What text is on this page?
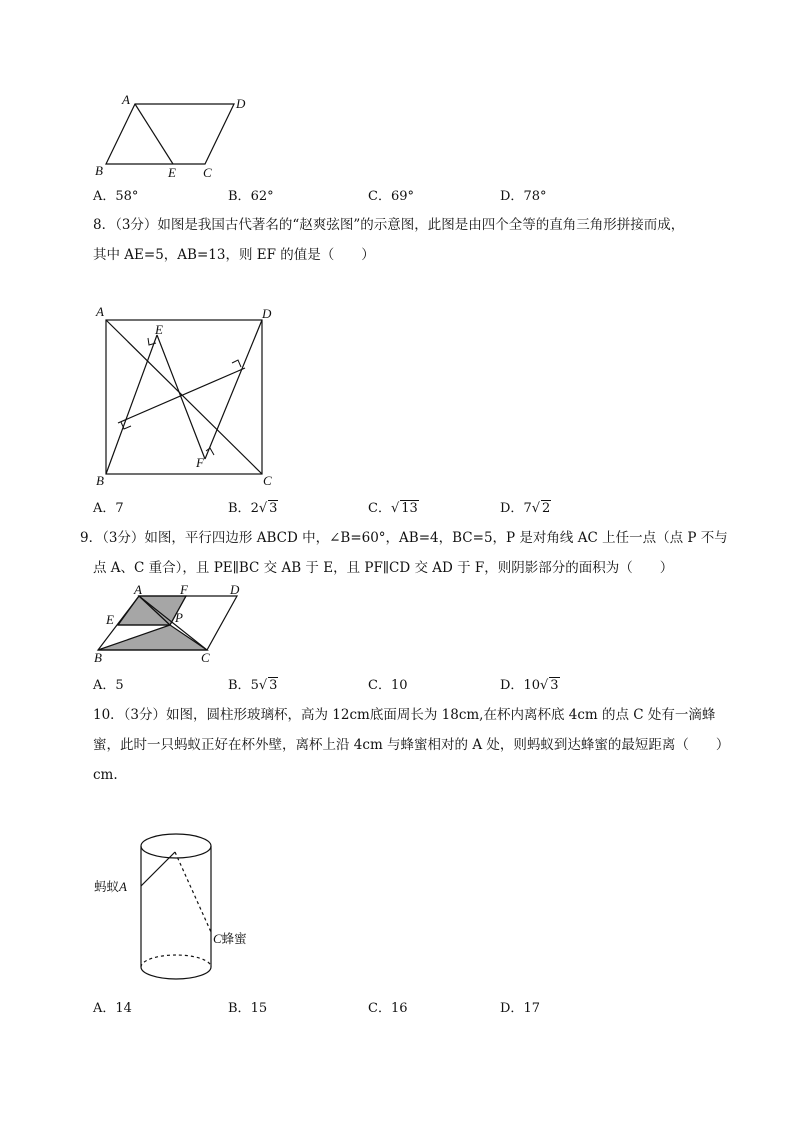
A	D
B	E C
A．58°	B．62°	C．69°	D．78°
8．（3分）如图是我国古代著名的“赵爽弦图”的示意图，此图是由四个全等的直角三角形拼接而成，
其中 AE=5，AB=13，则 EF 的值是（　　）
A	D
E
F
B	C
A．7	B．2√ 3	C．√ 13	D．7√ 2
9．（3分）如图，平行四边形 ABCD 中，∠B=60°，AB=4，BC=5，P 是对角线 AC 上任一点（点 P 不与
点 A、C 重合），且 PE∥BC 交 AB 于 E，且 PF∥CD 交 AD 于 F，则阴影部分的面积为（　　）
A	F	D
E	P
B	C
A．5	B．5√ 3	C．10	D．10√ 3
10．（3分）如图，圆柱形玻璃杯，高为 12cm底面周长为 18cm,在杯内离杯底 4cm 的点 C 处有一滴蜂
蜜，此时一只蚂蚁正好在杯外壁，离杯上沿 4cm 与蜂蜜相对的 A 处，则蚂蚁到达蜂蜜的最短距离（　　）
cm.
蚂蚁A
C蜂蜜
A．14	B．15	C．16	D．17
